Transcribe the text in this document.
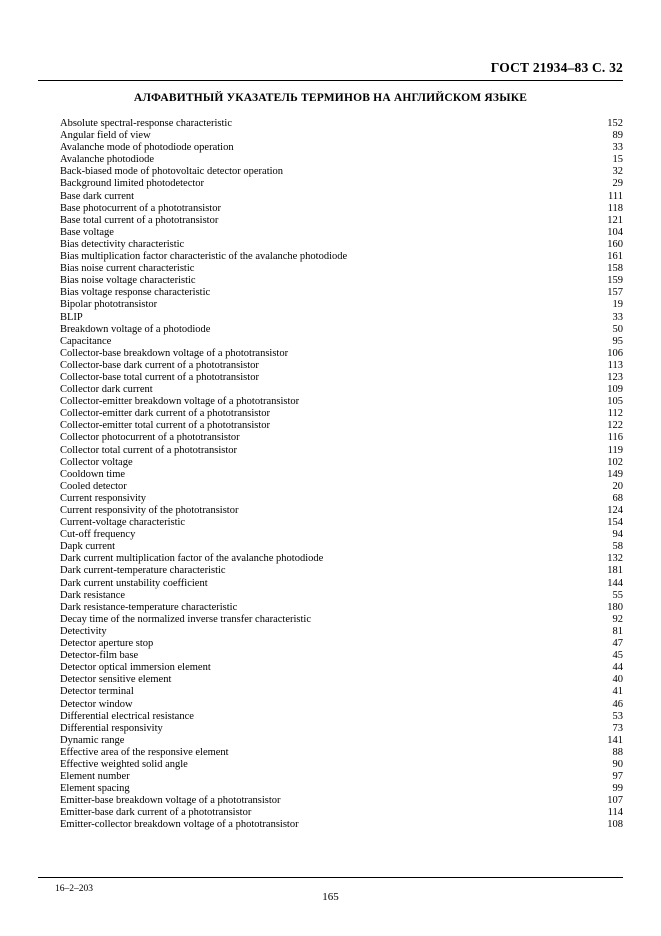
ГОСТ 21934–83 С. 32
АЛФАВИТНЫЙ УКАЗАТЕЛЬ ТЕРМИНОВ НА АНГЛИЙСКОМ ЯЗЫКЕ
Absolute spectral-response characteristic	152
Angular field of view	89
Avalanche mode of photodiode operation	33
Avalanche photodiode	15
Back-biased mode of photovoltaic detector operation	32
Background limited photodetector	29
Base dark current	111
Base photocurrent of a phototransistor	118
Base total current of a phototransistor	121
Base voltage	104
Bias detectivity characteristic	160
Bias multiplication factor characteristic of the avalanche photodiode	161
Bias noise current characteristic	158
Bias noise voltage characteristic	159
Bias voltage response characteristic	157
Bipolar phototransistor	19
BLIP	33
Breakdown voltage of a photodiode	50
Capacitance	95
Collector-base breakdown voltage of a phototransistor	106
Collector-base dark current of a phototransistor	113
Collector-base total current of a phototransistor	123
Collector dark current	109
Collector-emitter breakdown voltage of a phototransistor	105
Collector-emitter dark current of a phototransistor	112
Collector-emitter total current of a phototransistor	122
Collector photocurrent of a phototransistor	116
Collector total current of a phototransistor	119
Collector voltage	102
Cooldown time	149
Cooled detector	20
Current responsivity	68
Current responsivity of the phototransistor	124
Current-voltage characteristic	154
Cut-off frequency	94
Dapk current	58
Dark current multiplication factor of the avalanche photodiode	132
Dark current-temperature characteristic	181
Dark current unstability coefficient	144
Dark resistance	55
Dark resistance-temperature characteristic	180
Decay time of the normalized inverse transfer characteristic	92
Detectivity	81
Detector aperture stop	47
Detector-film base	45
Detector optical immersion element	44
Detector sensitive element	40
Detector terminal	41
Detector window	46
Differential electrical resistance	53
Differential responsivity	73
Dynamic range	141
Effective area of the responsive element	88
Effective weighted solid angle	90
Element number	97
Element spacing	99
Emitter-base breakdown voltage of a phototransistor	107
Emitter-base dark current of a phototransistor	114
Emitter-collector breakdown voltage of a phototransistor	108
16–2–203
165
